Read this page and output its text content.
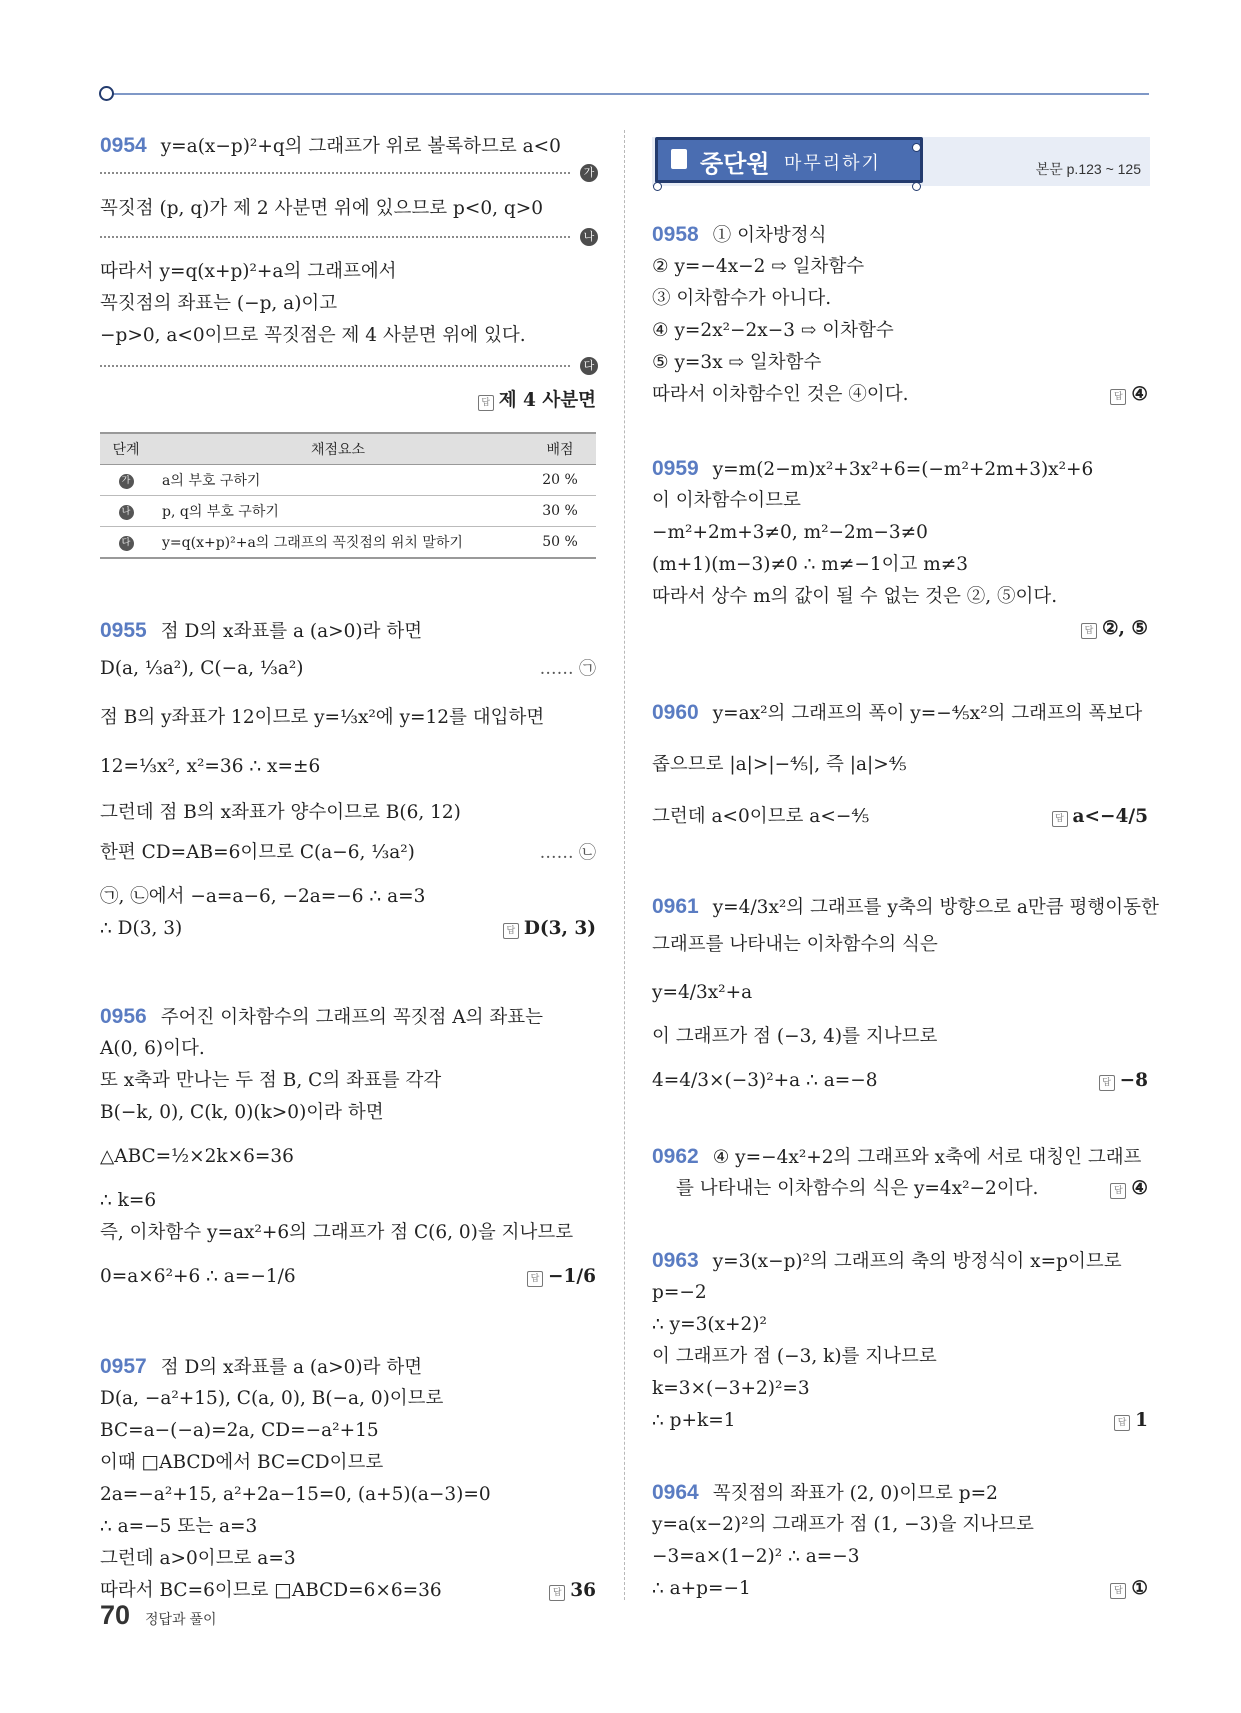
0954 y=a(x−p)²+q의 그래프가 위로 볼록하므로 a<0
가
꼭짓점 (p, q)가 제 2 사분면 위에 있으므로 p<0, q>0
나
따라서 y=q(x+p)²+a의 그래프에서
꼭짓점의 좌표는 (−p, a)이고
−p>0, a<0이므로 꼭짓점은 제 4 사분면 위에 있다.
다
답 제 4 사분면
단계	채점요소	배점
가	a의 부호 구하기	20 %
나	p, q의 부호 구하기	30 %
다	y=q(x+p)²+a의 그래프의 꼭짓점의 위치 말하기	50 %
0955 점 D의 x좌표를 a (a>0)라 하면
D(a, ⅓a²), C(−a, ⅓a²)	…… ㉠
점 B의 y좌표가 12이므로 y=⅓x²에 y=12를 대입하면
12=⅓x², x²=36 ∴ x=±6
그런데 점 B의 x좌표가 양수이므로 B(6, 12)
한편 CD=AB=6이므로 C(a−6, ⅓a²)	…… ㉡
㉠, ㉡에서 −a=a−6, −2a=−6 ∴ a=3
∴ D(3, 3)	답 D(3, 3)
0956 주어진 이차함수의 그래프의 꼭짓점 A의 좌표는
A(0, 6)이다.
또 x축과 만나는 두 점 B, C의 좌표를 각각
B(−k, 0), C(k, 0)(k>0)이라 하면
△ABC=½×2k×6=36
∴ k=6
즉, 이차함수 y=ax²+6의 그래프가 점 C(6, 0)을 지나므로
0=a×6²+6 ∴ a=−1/6	답 −1/6
0957 점 D의 x좌표를 a (a>0)라 하면
D(a, −a²+15), C(a, 0), B(−a, 0)이므로
BC=a−(−a)=2a, CD=−a²+15
이때 □ABCD에서 BC=CD이므로
2a=−a²+15, a²+2a−15=0, (a+5)(a−3)=0
∴ a=−5 또는 a=3
그런데 a>0이므로 a=3
따라서 BC=6이므로 □ABCD=6×6=36	답 36
중단원 마무리하기	본문 p.123 ~ 125
0958 ① 이차방정식
② y=−4x−2 ⇨ 일차함수
③ 이차함수가 아니다.
④ y=2x²−2x−3 ⇨ 이차함수
⑤ y=3x ⇨ 일차함수
따라서 이차함수인 것은 ④이다.	답 ④
0959 y=m(2−m)x²+3x²+6=(−m²+2m+3)x²+6
이 이차함수이므로
−m²+2m+3≠0, m²−2m−3≠0
(m+1)(m−3)≠0 ∴ m≠−1이고 m≠3
따라서 상수 m의 값이 될 수 없는 것은 ②, ⑤이다.
답 ②, ⑤
0960 y=ax²의 그래프의 폭이 y=−⅘x²의 그래프의 폭보다
좁으므로 |a|>|−⅘|, 즉 |a|>⅘
그런데 a<0이므로 a<−⅘	답 a<−4/5
0961 y=4/3x²의 그래프를 y축의 방향으로 a만큼 평행이동한
그래프를 나타내는 이차함수의 식은
y=4/3x²+a
이 그래프가 점 (−3, 4)를 지나므로
4=4/3×(−3)²+a ∴ a=−8	답 −8
0962 ④ y=−4x²+2의 그래프와 x축에 서로 대칭인 그래프
를 나타내는 이차함수의 식은 y=4x²−2이다.	답 ④
0963 y=3(x−p)²의 그래프의 축의 방정식이 x=p이므로
p=−2
∴ y=3(x+2)²
이 그래프가 점 (−3, k)를 지나므로
k=3×(−3+2)²=3
∴ p+k=1	답 1
0964 꼭짓점의 좌표가 (2, 0)이므로 p=2
y=a(x−2)²의 그래프가 점 (1, −3)을 지나므로
−3=a×(1−2)² ∴ a=−3
∴ a+p=−1	답 ①
70 정답과 풀이
